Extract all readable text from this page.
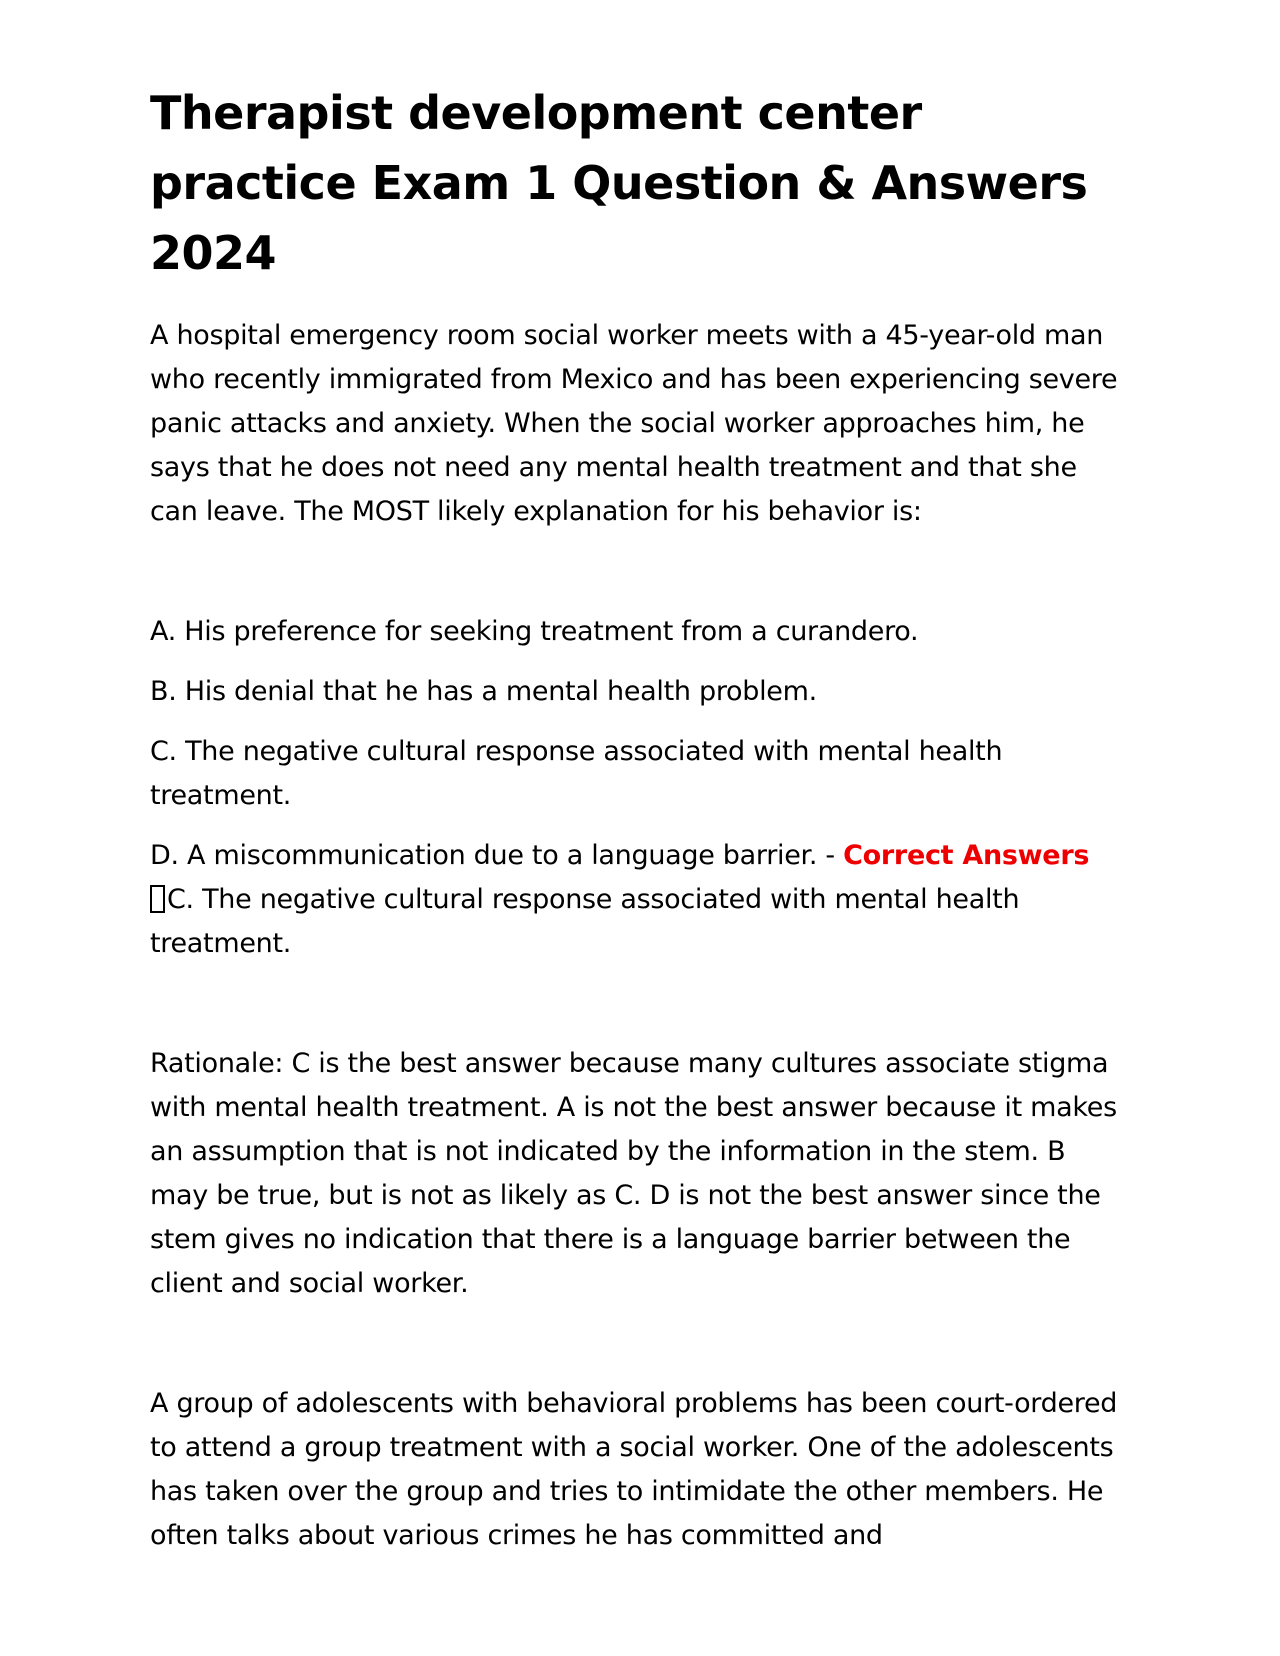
Therapist development center practice Exam 1 Question & Answers 2024

A hospital emergency room social worker meets with a 45-year-old man who recently immigrated from Mexico and has been experiencing severe panic attacks and anxiety. When the social worker approaches him, he says that he does not need any mental health treatment and that she can leave. The MOST likely explanation for his behavior is:

A. His preference for seeking treatment from a curandero.

B. His denial that he has a mental health problem.

C. The negative cultural response associated with mental health treatment.

D. A miscommunication due to a language barrier. - Correct Answers
C. The negative cultural response associated with mental health treatment.

Rationale: C is the best answer because many cultures associate stigma with mental health treatment. A is not the best answer because it makes an assumption that is not indicated by the information in the stem. B may be true, but is not as likely as C. D is not the best answer since the stem gives no indication that there is a language barrier between the client and social worker.

A group of adolescents with behavioral problems has been court-ordered to attend a group treatment with a social worker. One of the adolescents has taken over the group and tries to intimidate the other members. He often talks about various crimes he has committed and
